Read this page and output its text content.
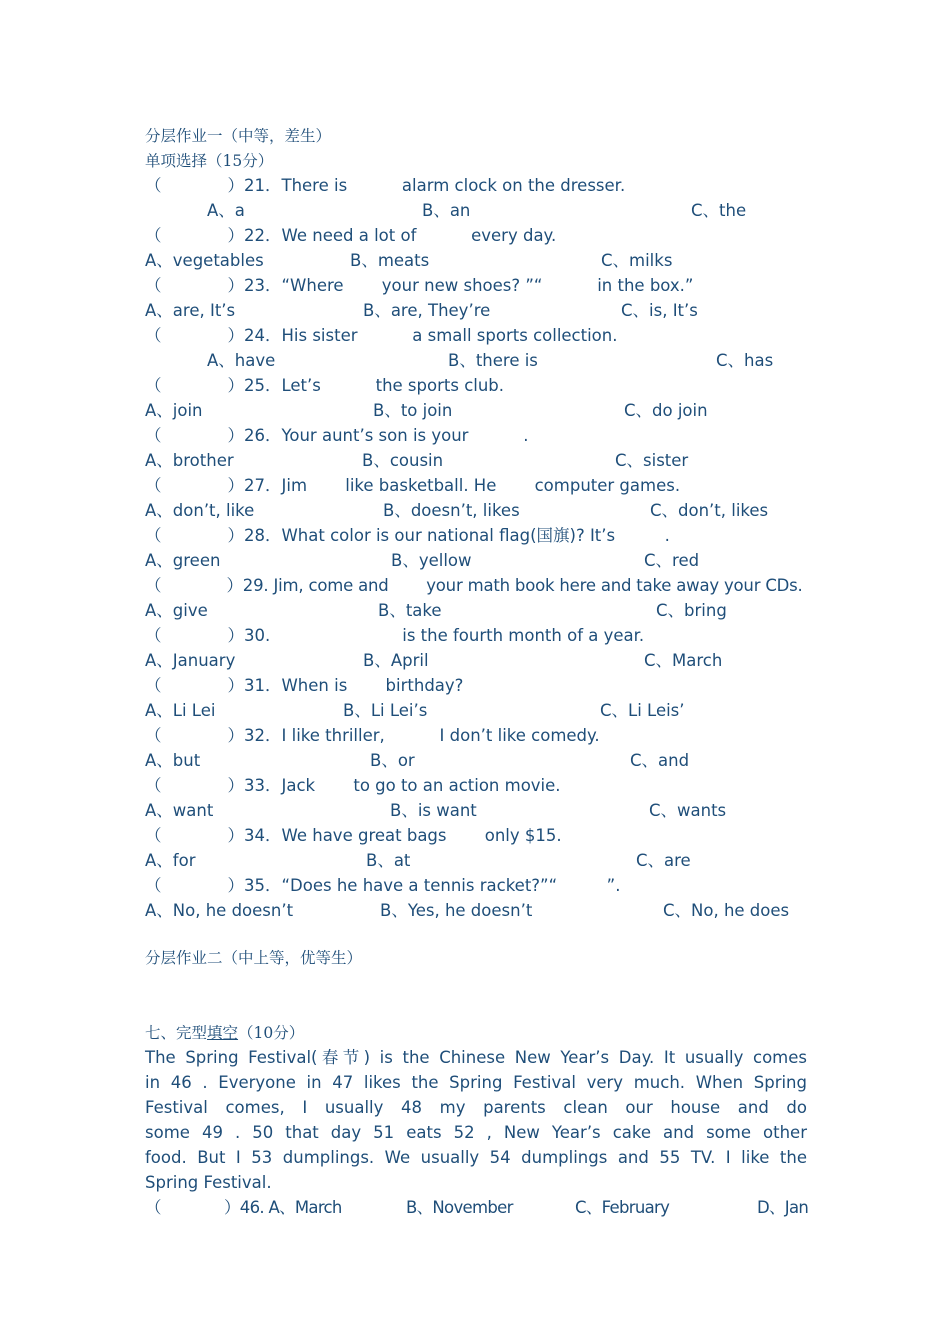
分层作业一（中等，差生）
单项选择（15分）
（　　　　）21．There is 　　　alarm clock on the dresser.

A、a

	B、an

	C、the

（　　　　）22．We need a lot of 　　　every day.

A、vegetables

	B、meats

	C、milks

（　　　　）23．“Where 　　your new shoes? ”“ 　　　in the box.”

A、are, It’s

	B、are, They’re

	C、is, It’s

（　　　　）24．His sister 　　　a small sports collection.

A、have

	B、there is

	C、has

（　　　　）25．Let’s 　　　the sports club.

A、join

	B、to join

	C、do join

（　　　　）26．Your aunt’s son is your 　　　.

A、brother

	B、cousin

	C、sister

（　　　　）27．Jim 　　like basketball. He 　　computer games.

A、don’t, like

	B、doesn’t, likes

	C、don’t, likes

（　　　　）28．What color is our national flag(国旗)? It’s　　　.

A、green

	B、yellow

	C、red

（　　　　）29. Jim, come and 　　your math book here and take away your CDs.

A、give

	B、take

	C、bring

（　　　　）30.　　　　　　　　is the fourth month of a year.

A、January

	B、April

	C、March

（　　　　）31．When is 　　birthday?

A、Li Lei

	B、Li Lei’s

	C、Li Leis’

（　　　　）32．I like thriller, 　　　I don’t like comedy.

A、but

	B、or

	C、and

（　　　　）33．Jack 　　to go to an action movie.

A、want

	B、is want

	C、wants

（　　　　）34．We have great bags 　　only $15.

A、for

	B、at

	C、are

（　　　　）35．“Does he have a tennis racket?”“　　　”.

A、No, he doesn’t

	B、Yes, he doesn’t

	C、No, he does

分层作业二（中上等，优等生）
七、完型填空（10分）
The Spring Festival(春节) is the Chinese New Year’s Day. It usually comes
in 46 . Everyone in 47 likes the Spring Festival very much. When Spring
Festival comes, I usually 48 my parents clean our house and do
some 49 . 50 that day 51 eats 52 , New Year’s cake and some other
food. But I 53 dumplings. We usually 54 dumplings and 55 TV. I like the
Spring Festival.

（　　　　）46. A、March

	B、November

	C、February

	D、Jan
